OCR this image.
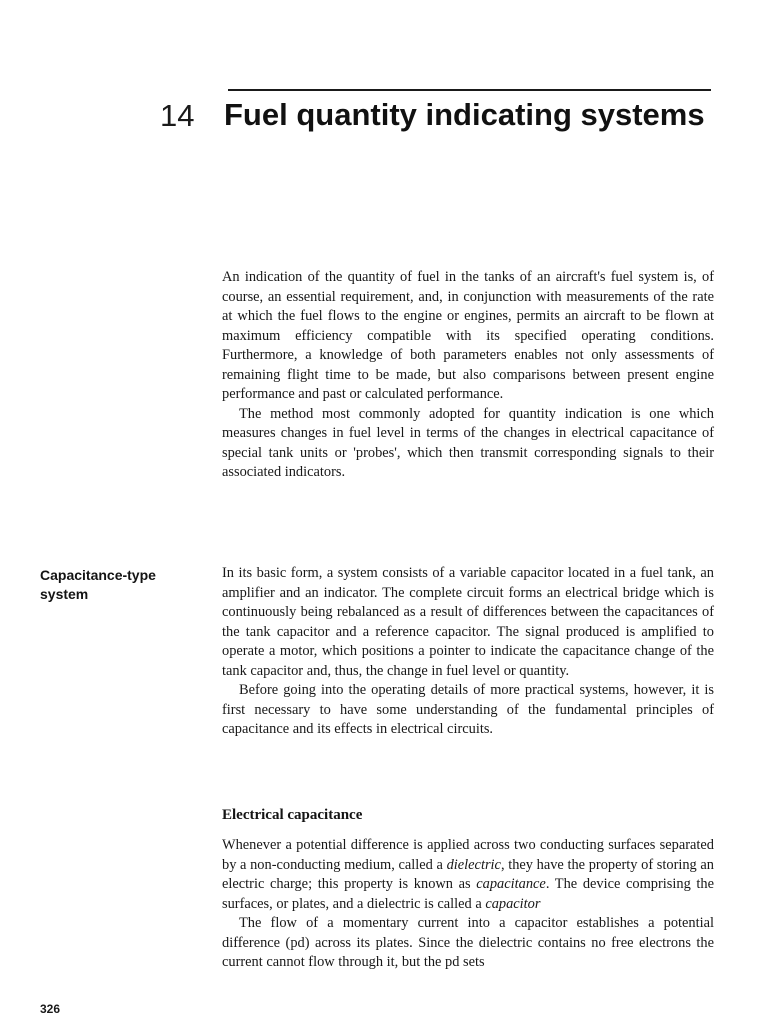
14 Fuel quantity indicating systems

An indication of the quantity of fuel in the tanks of an aircraft's fuel system is, of course, an essential requirement, and, in conjunction with measurements of the rate at which the fuel flows to the engine or engines, permits an aircraft to be flown at maximum efficiency compatible with its specified operating conditions. Furthermore, a knowledge of both parameters enables not only assessments of remaining flight time to be made, but also comparisons between present engine performance and past or calculated performance.

The method most commonly adopted for quantity indication is one which measures changes in fuel level in terms of the changes in electrical capacitance of special tank units or 'probes', which then transmit corresponding signals to their associated indicators.

Capacitance-type system

In its basic form, a system consists of a variable capacitor located in a fuel tank, an amplifier and an indicator. The complete circuit forms an electrical bridge which is continuously being rebalanced as a result of differences between the capacitances of the tank capacitor and a reference capacitor. The signal produced is amplified to operate a motor, which positions a pointer to indicate the capacitance change of the tank capacitor and, thus, the change in fuel level or quantity.

Before going into the operating details of more practical systems, however, it is first necessary to have some understanding of the fundamental principles of capacitance and its effects in electrical circuits.

Electrical capacitance

Whenever a potential difference is applied across two conducting surfaces separated by a non-conducting medium, called a dielectric, they have the property of storing an electric charge; this property is known as capacitance. The device comprising the surfaces, or plates, and a dielectric is called a capacitor

The flow of a momentary current into a capacitor establishes a potential difference (pd) across its plates. Since the dielectric contains no free electrons the current cannot flow through it, but the pd sets

326
